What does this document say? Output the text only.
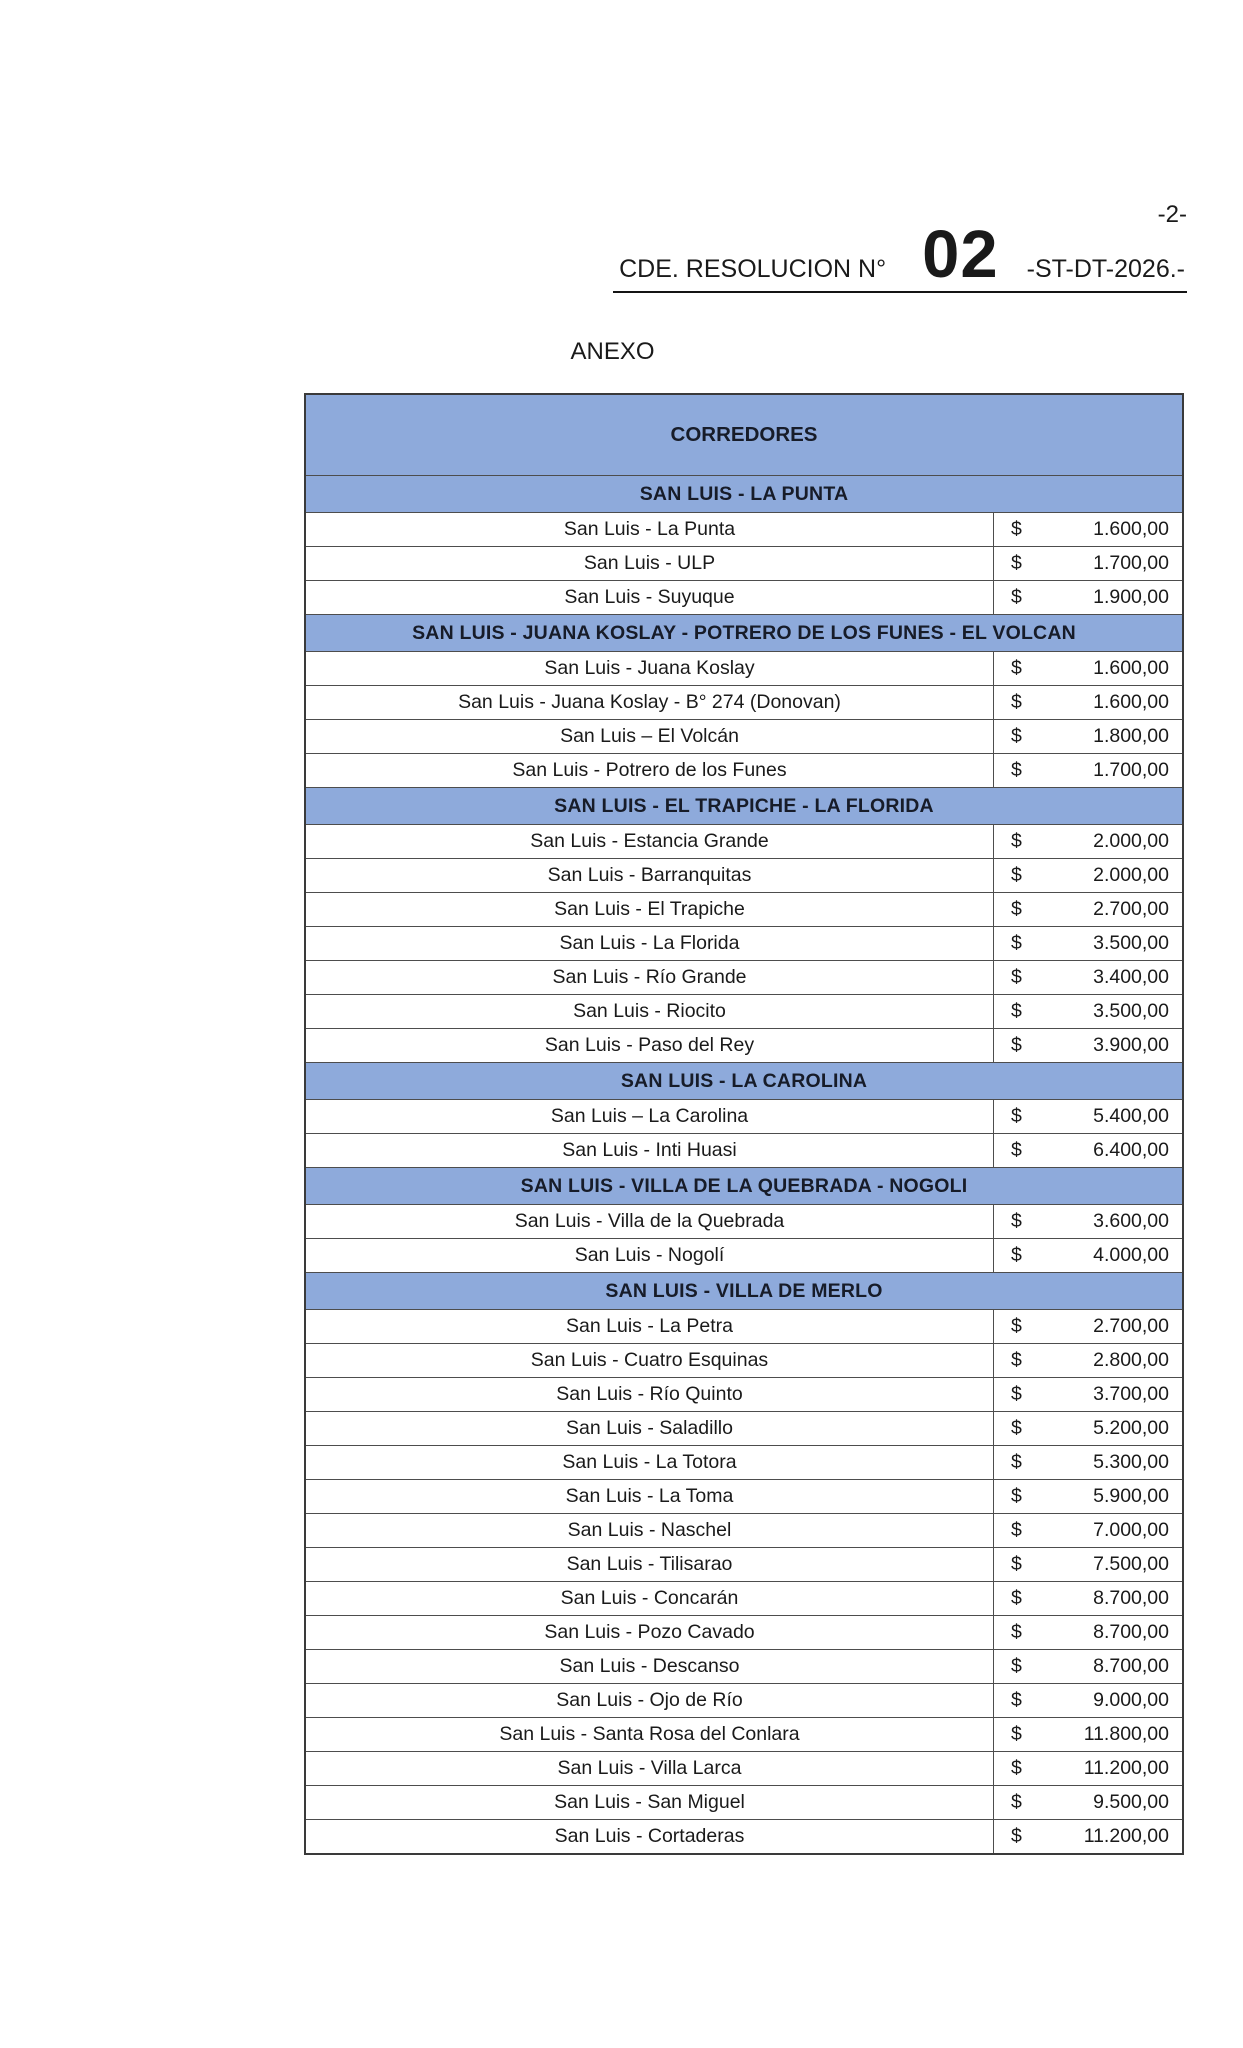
-2-
CDE. RESOLUCION N° 02 -ST-DT-2026.-
ANEXO
CORREDORES
SAN LUIS - LA PUNTA
San Luis - La Punta	$	1.600,00
San Luis - ULP	$	1.700,00
San Luis - Suyuque	$	1.900,00
SAN LUIS - JUANA KOSLAY - POTRERO DE LOS FUNES - EL VOLCAN
San Luis - Juana Koslay	$	1.600,00
San Luis - Juana Koslay - B° 274 (Donovan)	$	1.600,00
San Luis – El Volcán	$	1.800,00
San Luis - Potrero de los Funes	$	1.700,00
SAN LUIS - EL TRAPICHE - LA FLORIDA
San Luis - Estancia Grande	$	2.000,00
San Luis - Barranquitas	$	2.000,00
San Luis - El Trapiche	$	2.700,00
San Luis - La Florida	$	3.500,00
San Luis - Río Grande	$	3.400,00
San Luis - Riocito	$	3.500,00
San Luis - Paso del Rey	$	3.900,00
SAN LUIS - LA CAROLINA
San Luis – La Carolina	$	5.400,00
San Luis - Inti Huasi	$	6.400,00
SAN LUIS - VILLA DE LA QUEBRADA - NOGOLI
San Luis - Villa de la Quebrada	$	3.600,00
San Luis - Nogolí	$	4.000,00
SAN LUIS - VILLA DE MERLO
San Luis - La Petra	$	2.700,00
San Luis - Cuatro Esquinas	$	2.800,00
San Luis - Río Quinto	$	3.700,00
San Luis - Saladillo	$	5.200,00
San Luis - La Totora	$	5.300,00
San Luis - La Toma	$	5.900,00
San Luis - Naschel	$	7.000,00
San Luis - Tilisarao	$	7.500,00
San Luis - Concarán	$	8.700,00
San Luis - Pozo Cavado	$	8.700,00
San Luis - Descanso	$	8.700,00
San Luis - Ojo de Río	$	9.000,00
San Luis - Santa Rosa del Conlara	$	11.800,00
San Luis - Villa Larca	$	11.200,00
San Luis - San Miguel	$	9.500,00
San Luis - Cortaderas	$	11.200,00
